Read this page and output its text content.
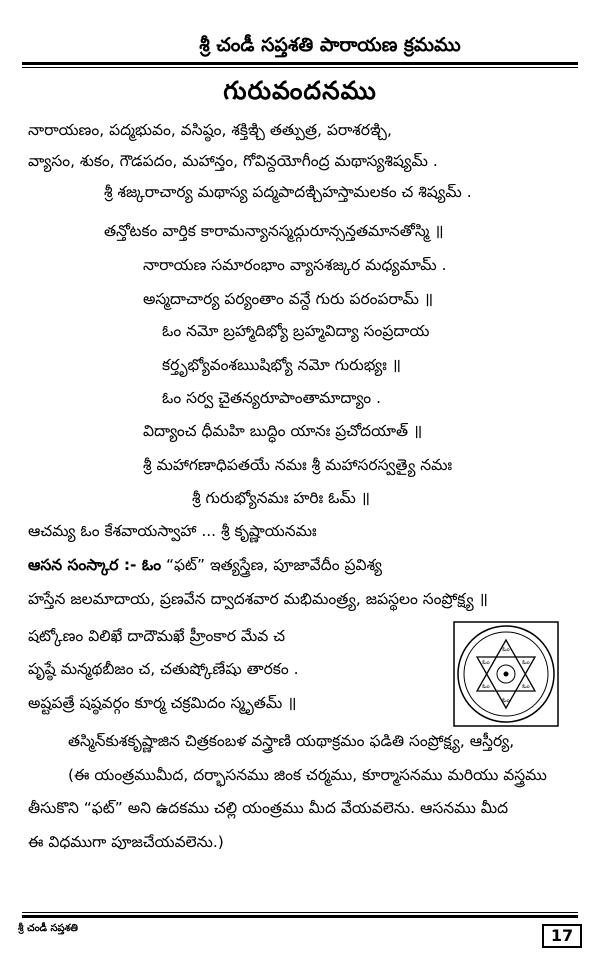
శ్రీ చండీ సప్తశతి పారాయణ క్రమము
గురువందనము
నారాయణం, పద్మభువం, వసిష్ఠం, శక్తిఇ్చి తత్పుత్ర, పరాశరఇ్చి,
వ్యాసం, శుకం, గౌడపదం, మహాన్తం, గోవిన్దయోగీంద్ర మథాస్యశిష్యమ్ .
శ్రీ శజ్కరాచార్య మథాస్య పద్మపాదఇ్చిహస్తామలకం చ శిష్యమ్ .
తన్తోటకం వార్తిక కారామన్యానస్మద్గురూన్సన్తతమానతోస్మి ॥
నారాయణ సమారంభాం వ్యాసశజ్కర మధ్యమామ్ .
అస్మదాచార్య పర్యంతాం వన్దే గురు పరంపరామ్ ॥
ఓం నమో బ్రహ్మాదిభ్యో బ్రహ్మవిద్యా సంప్రదాయ
కర్తృభ్యోవంశఋషిభ్యో నమో గురుభ్యః ॥
ఓం సర్వ చైతన్యరూపాంతామాద్యాం .
విద్యాంచ ధీమహి బుద్ధిం యానః ప్రచోదయాత్ ॥
శ్రీ మహాగణాధిపతయే నమః శ్రీ మహాసరస్వత్యై నమః
శ్రీ గురుభ్యోనమః హరిః ఓమ్ ॥
ఆచమ్య ఓం కేశవాయస్వాహా ... శ్రీ కృష్ణాయనమః
ఆసన సంస్కార :- ఓం “ఫట్” ఇత్యస్త్రేణ, పూజావేదీం ప్రవిశ్య
హస్తేన జలమాదాయ, ప్రణవేన ద్వాదశవార మభిమంత్ర్య, జపస్థలం సంప్రోక్ష్య ॥
షట్కోణం విలిఖే దాదౌమఖే హ్రీంకార మేవ చ
పృష్ఠే మన్మథబీజం చ, చతుష్కోణేషు తారకం .
అష్టపత్రే షష్ఠవర్గం కూర్మ చక్రమిదం స్మృతమ్ ॥
ఓం
ఓం
ఓం
ఓం
ఓం
ఓం
తస్మిన్‌కుశకృష్ణాజిన చిత్రకంబళ వస్త్రాణి యథాక్రమం ఫడితి సంప్రోక్ష్య, ఆస్తీర్య,
(ఈ యంత్రముమీద, దర్భాసనము జింక చర్మము, కూర్మాసనము మరియు వస్త్రము
తీసుకొని “ఫట్” అని ఉదకము చల్లి యంత్రము మీద వేయవలెను. ఆసనము మీద
ఈ విధముగా పూజచేయవలెను.)
శ్రీ చండీ సప్తశతి	17
